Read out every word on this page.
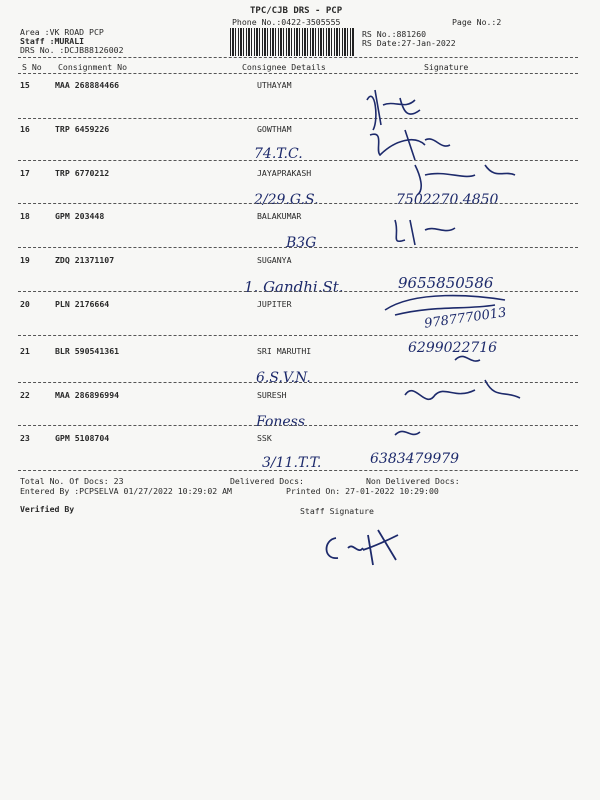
TPC/CJB DRS - PCP
Phone No.:0422-3505555	Page No.:2
Area :VK ROAD PCP
Staff :MURALI
DRS No. :DCJB88126002
RS No.:881260
RS Date:27-Jan-2022
S No Consignment No	Consignee Details	Signature
15	MAA 268884466	UTHAYAM
16	TRP 6459226	GOWTHAM
74.T.C.
17	TRP 6770212	JAYAPRAKASH
2/29.G.S.	7502270.4850
18	GPM 203448	BALAKUMAR
B3G
19	ZDQ 21371107	SUGANYA
1. Gandhi.St.	9655850586
20	PLN 2176664	JUPITER
9787770013
21	BLR 590541361	SRI MARUTHI	6299022716
6.S.V.N.
22	MAA 286896994	SURESH
Foness
23	GPM 5108704	SSK
3/11.T.T.	6383479979
Total No. Of Docs: 23	Delivered Docs:	Non Delivered Docs:
Entered By :PCPSELVA 01/27/2022 10:29:02 AM	Printed On: 27-01-2022 10:29:00
Verified By	Staff Signature
